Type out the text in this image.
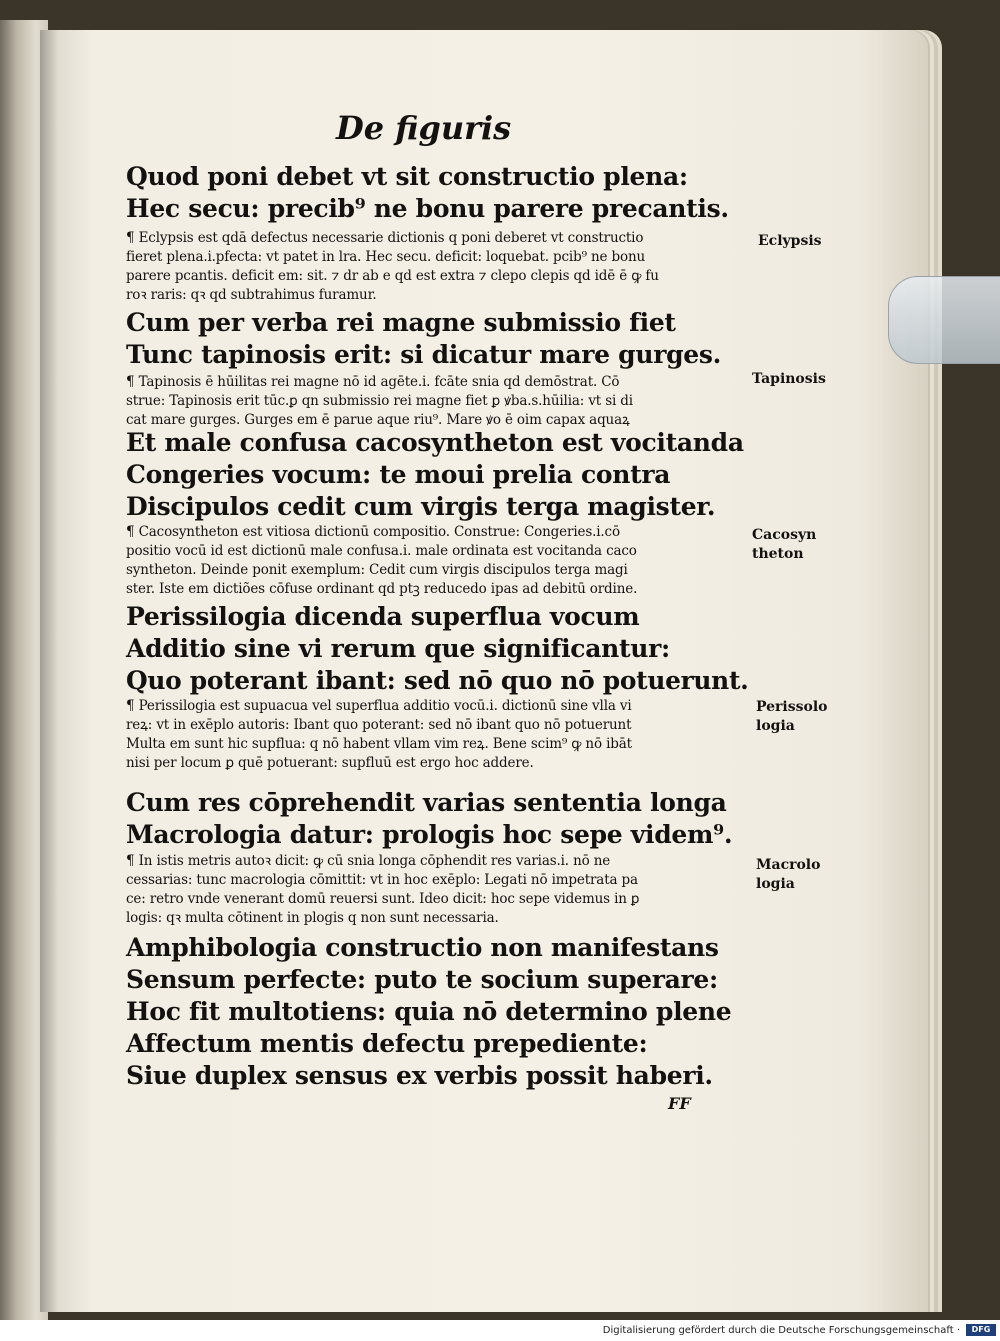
De figuris

Quod poni debet vt sit constructio plena:

Hec secu: precib⁹ ne bonu parere precantis.

¶ Eclypsis est qdā defectus necessarie dictionis q poni deberet vt constructio

fieret plena.i.pfecta: vt patet in lra. Hec secu. deficit: loquebat. pcib⁹ ne bonu

parere pcantis. deficit em: sit. ⁊ dr ab e qd est extra ⁊ clepo clepis qd idē ē ꝙ fu

roꝛ raris: qꝛ qd subtrahimus furamur.

Cum per verba rei magne submissio fiet

Tunc tapinosis erit: si dicatur mare gurges.

¶ Tapinosis ē hūilitas rei magne nō id agēte.i. fcāte snia qd demōstrat. Cō

strue: Tapinosis erit tūc.ꝑ qn submissio rei magne fiet ꝑ ꝟba.s.hūilia: vt si di

cat mare gurges. Gurges em ē parue aque riu⁹. Mare ꝟo ē oim capax aquaꝝ

Et male confusa cacosyntheton est vocitanda

Congeries vocum: te moui prelia contra

Discipulos cedit cum virgis terga magister.

¶ Cacosyntheton est vitiosa dictionū compositio. Construe: Congeries.i.cō

positio vocū id est dictionū male confusa.i. male ordinata est vocitanda caco

syntheton. Deinde ponit exemplum: Cedit cum virgis discipulos terga magi

ster. Iste em dictiões cōfuse ordinant qd ptꝫ reducedo ipas ad debitū ordine.

Perissilogia dicenda superflua vocum

Additio sine vi rerum que significantur:

Quo poterant ibant: sed nō quo nō potuerunt.

¶ Perissilogia est supuacua vel superflua additio vocū.i. dictionū sine vlla vi

reꝝ: vt in exēplo autoris: Ibant quo poterant: sed nō ibant quo nō potuerunt

Multa em sunt hic supflua: q nō habent vllam vim reꝝ. Bene scim⁹ ꝙ nō ibāt

nisi per locum ꝑ quē potuerant: supfluū est ergo hoc addere.

Cum res cōprehendit varias sententia longa

Macrologia datur: prologis hoc sepe videm⁹.

¶ In istis metris autoꝛ dicit: ꝙ cū snia longa cōphendit res varias.i. nō ne

cessarias: tunc macrologia cōmittit: vt in hoc exēplo: Legati nō impetrata pa

ce: retro vnde venerant domū reuersi sunt. Ideo dicit: hoc sepe videmus in ꝑ

logis: qꝛ multa cōtinent in plogis q non sunt necessaria.

Amphibologia constructio non manifestans

Sensum perfecte: puto te socium superare:

Hoc fit multotiens: quia nō determino plene

Affectum mentis defectu prepediente:

Siue duplex sensus ex verbis possit haberi.

Eclypsis

Tapinosis

Cacosyn

theton

Perissolo

logia

Macrolo

logia

FF

Digitalisierung gefördert durch die Deutsche Forschungsgemeinschaft ·	DFG
